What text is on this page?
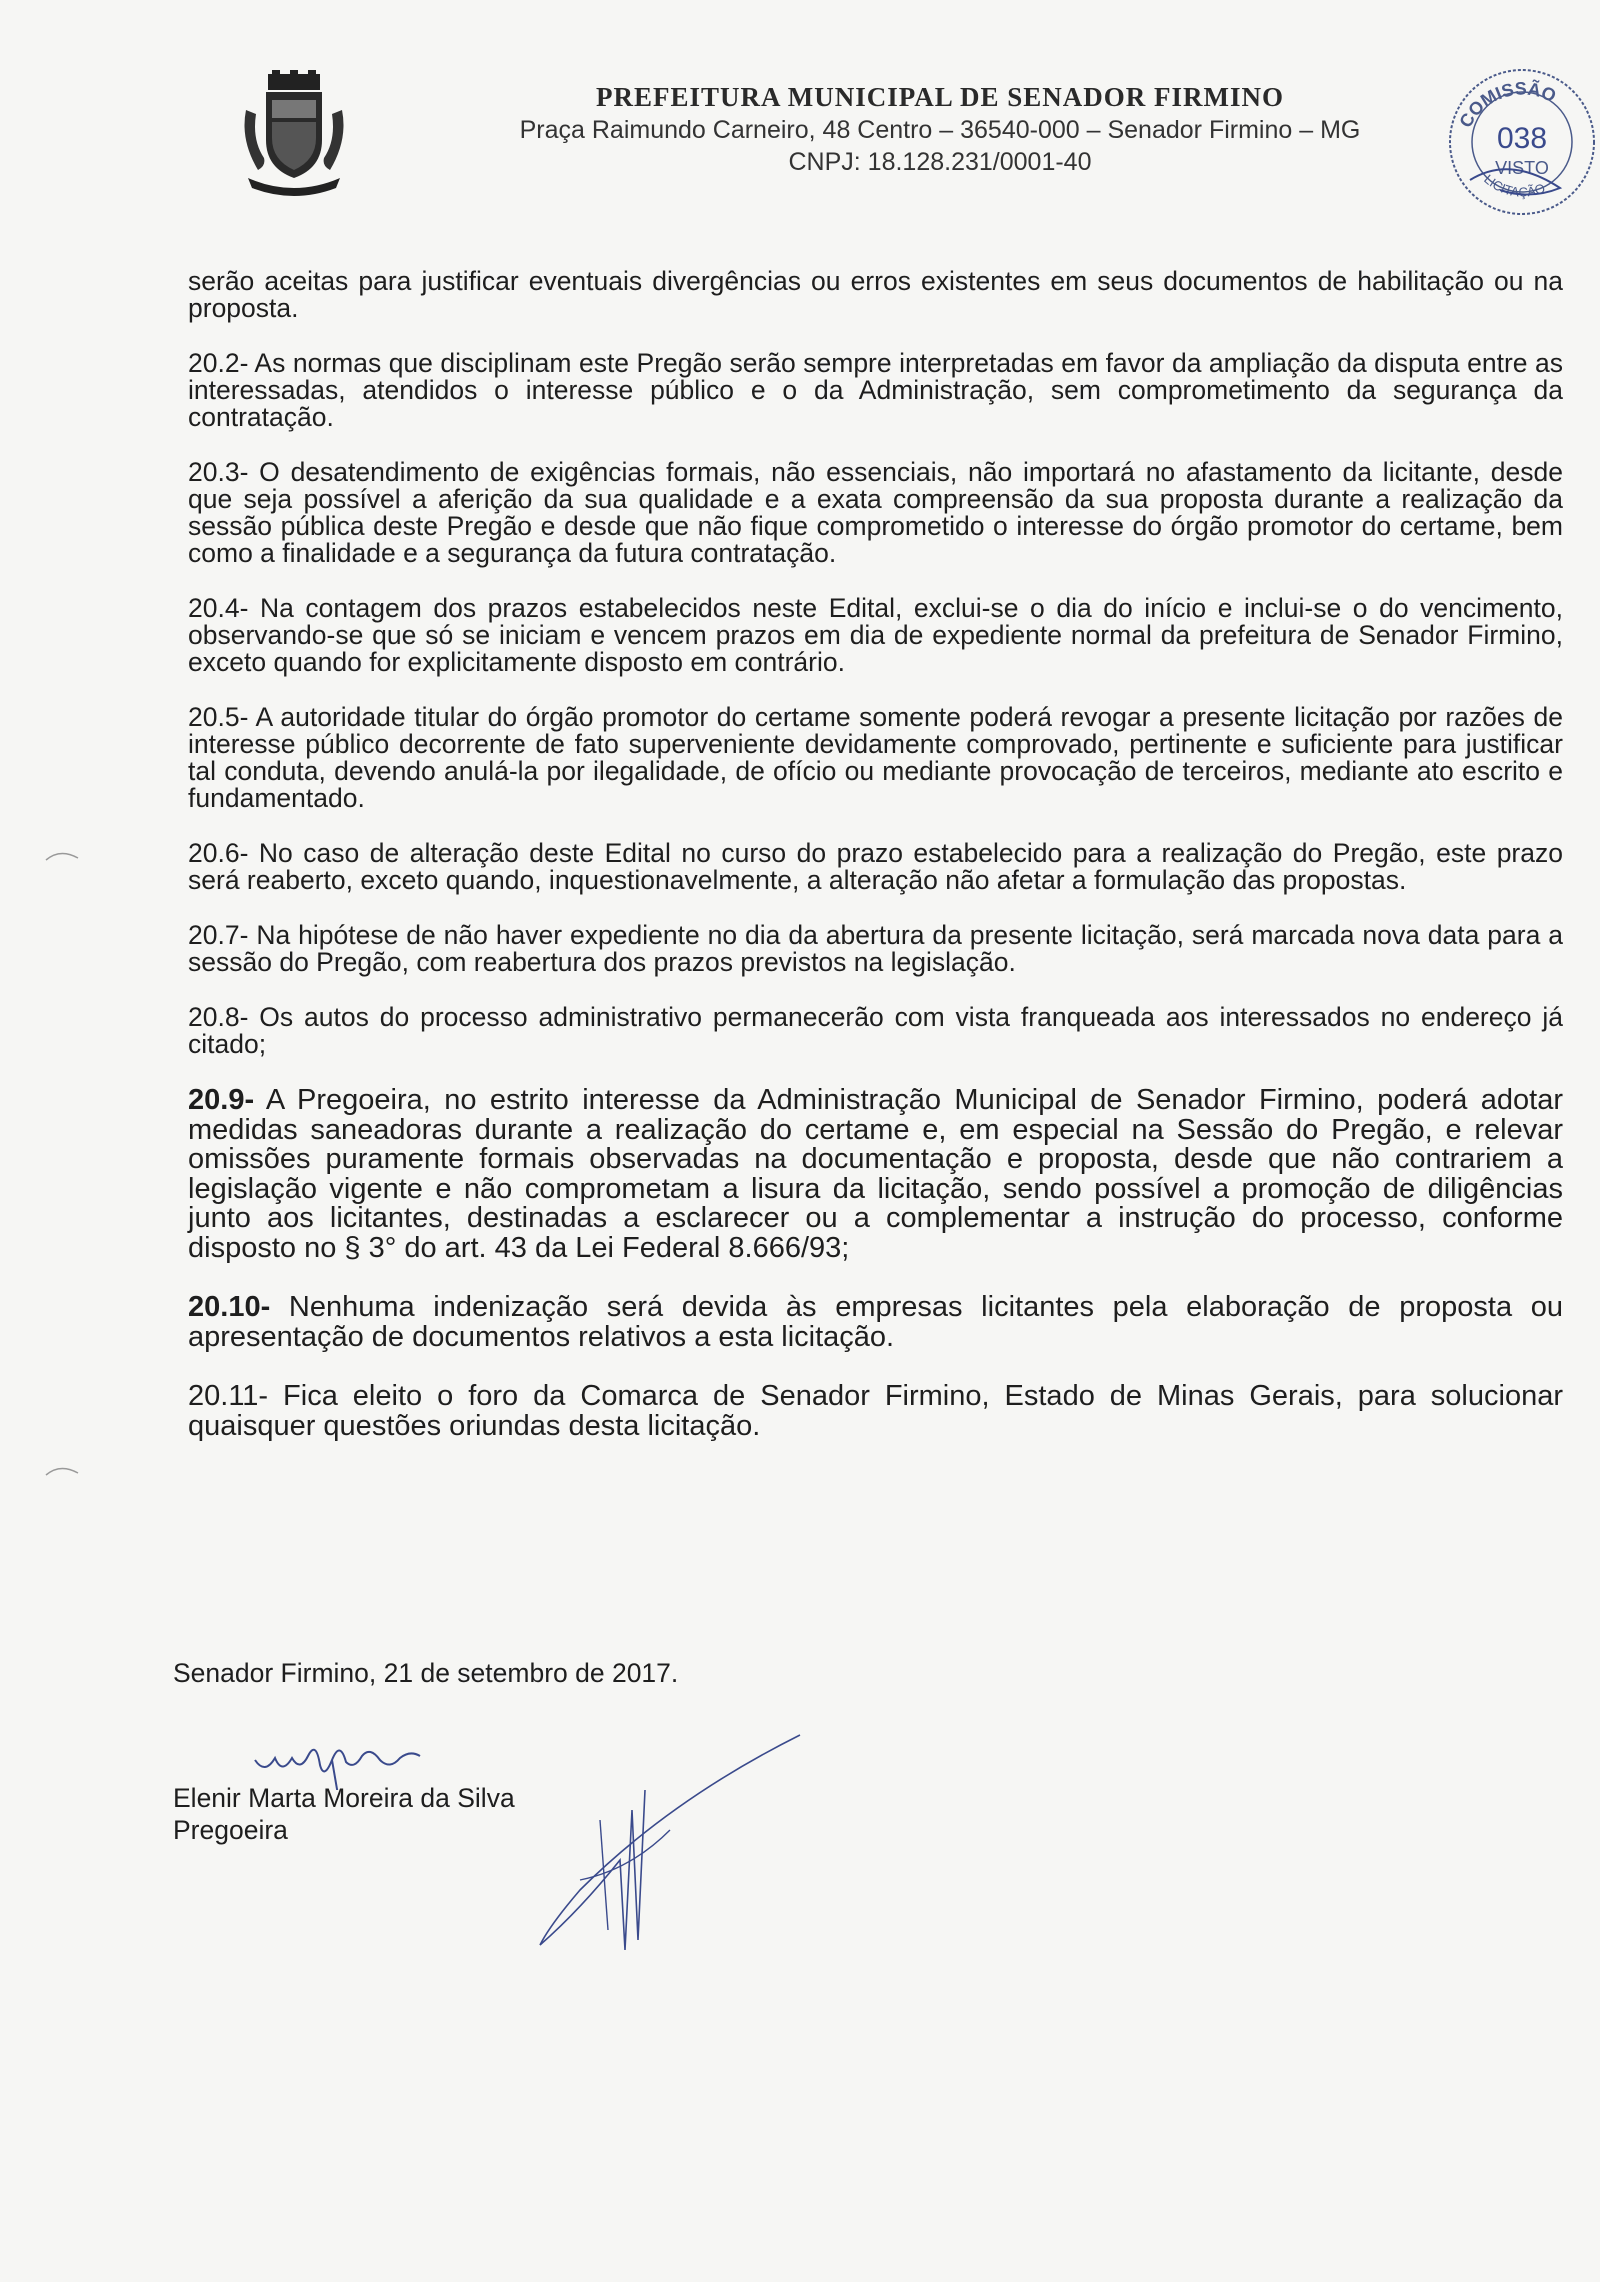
PREFEITURA MUNICIPAL DE SENADOR FIRMINO
Praça Raimundo Carneiro, 48 Centro – 36540-000 – Senador Firmino – MG
CNPJ: 18.128.231/0001-40
COMISSÃO
038
VISTO
LICITAÇÃO

serão aceitas para justificar eventuais divergências ou erros existentes em seus documentos de habilitação ou na proposta.

20.2- As normas que disciplinam este Pregão serão sempre interpretadas em favor da ampliação da disputa entre as interessadas, atendidos o interesse público e o da Administração, sem comprometimento da segurança da contratação.

20.3- O desatendimento de exigências formais, não essenciais, não importará no afastamento da licitante, desde que seja possível a aferição da sua qualidade e a exata compreensão da sua proposta durante a realização da sessão pública deste Pregão e desde que não fique comprometido o interesse do órgão promotor do certame, bem como a finalidade e a segurança da futura contratação.

20.4- Na contagem dos prazos estabelecidos neste Edital, exclui-se o dia do início e inclui-se o do vencimento, observando-se que só se iniciam e vencem prazos em dia de expediente normal da prefeitura de Senador Firmino, exceto quando for explicitamente disposto em contrário.

20.5- A autoridade titular do órgão promotor do certame somente poderá revogar a presente licitação por razões de interesse público decorrente de fato superveniente devidamente comprovado, pertinente e suficiente para justificar tal conduta, devendo anulá-la por ilegalidade, de ofício ou mediante provocação de terceiros, mediante ato escrito e fundamentado.

20.6- No caso de alteração deste Edital no curso do prazo estabelecido para a realização do Pregão, este prazo será reaberto, exceto quando, inquestionavelmente, a alteração não afetar a formulação das propostas.

20.7- Na hipótese de não haver expediente no dia da abertura da presente licitação, será marcada nova data para a sessão do Pregão, com reabertura dos prazos previstos na legislação.

20.8- Os autos do processo administrativo permanecerão com vista franqueada aos interessados no endereço já citado;

20.9- A Pregoeira, no estrito interesse da Administração Municipal de Senador Firmino, poderá adotar medidas saneadoras durante a realização do certame e, em especial na Sessão do Pregão, e relevar omissões puramente formais observadas na documentação e proposta, desde que não contrariem a legislação vigente e não comprometam a lisura da licitação, sendo possível a promoção de diligências junto aos licitantes, destinadas a esclarecer ou a complementar a instrução do processo, conforme disposto no § 3° do art. 43 da Lei Federal 8.666/93;

20.10- Nenhuma indenização será devida às empresas licitantes pela elaboração de proposta ou apresentação de documentos relativos a esta licitação.

20.11- Fica eleito o foro da Comarca de Senador Firmino, Estado de Minas Gerais, para solucionar quaisquer questões oriundas desta licitação.

Senador Firmino, 21 de setembro de 2017.
Elenir Marta Moreira da Silva
Pregoeira
